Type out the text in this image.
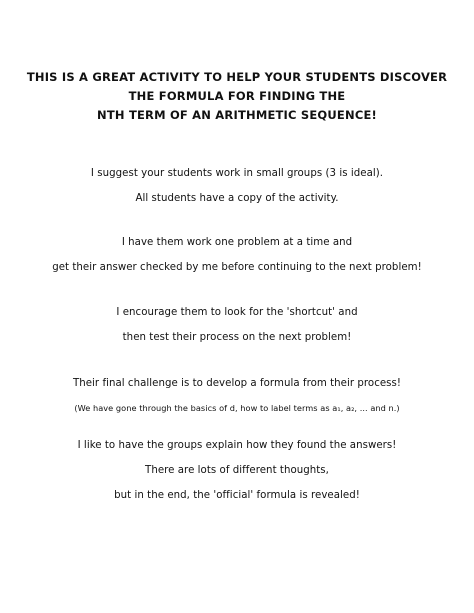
THIS IS A GREAT ACTIVITY TO HELP YOUR STUDENTS DISCOVER
THE FORMULA FOR FINDING THE
NTH TERM OF AN ARITHMETIC SEQUENCE!
I suggest your students work in small groups (3 is ideal).
All students have a copy of the activity.
I have them work one problem at a time and
get their answer checked by me before continuing to the next problem!
I encourage them to look for the 'shortcut' and
then test their process on the next problem!
Their final challenge is to develop a formula from their process!
(We have gone through the basics of d, how to label terms as a₁, a₂, ... and n.)
I like to have the groups explain how they found the answers!
There are lots of different thoughts,
but in the end, the 'official' formula is revealed!
